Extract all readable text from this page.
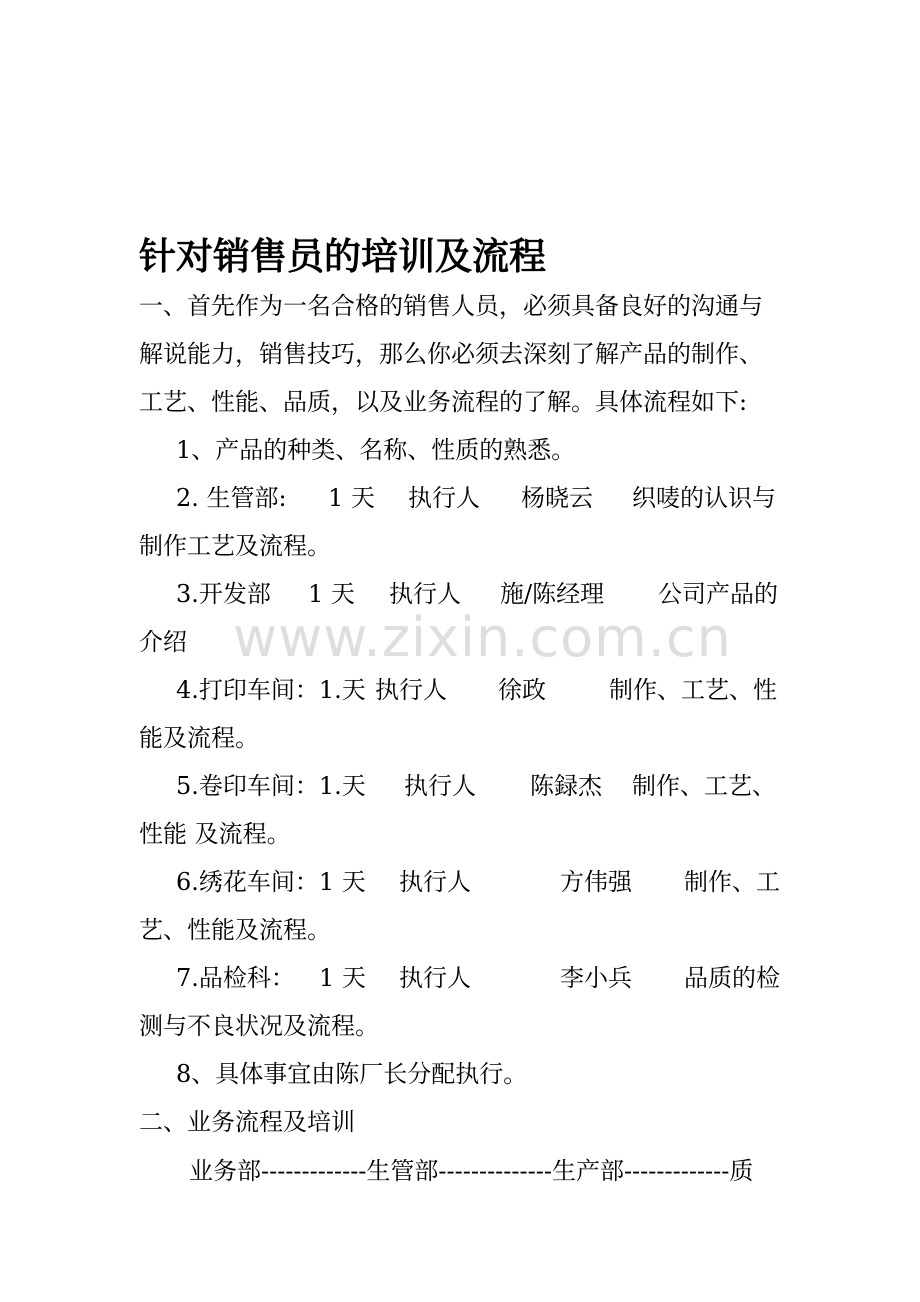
www.zixin.com.cn
针对销售员的培训及流程
一、首先作为一名合格的销售人员，必须具备良好的沟通与
解说能力，销售技巧，那么你必须去深刻了解产品的制作、
工艺、性能、品质，以及业务流程的了解。具体流程如下:
1、产品的种类、名称、性质的熟悉。
2. 生管部: 1 天 执行人 杨晓云 织唛的认识与
制作工艺及流程。
3.开发部 1 天 执行人 施/陈经理 公司产品的
介绍
4.打印车间：1.天 执行人 徐政	制作、工艺、性
能及流程。
5.卷印车间：1.天 执行人 陈録杰 制作、工艺、
性能 及流程。
6.绣花车间：1 天 执行人	方伟强 制作、工
艺、性能及流程。
7.品检科： 1 天 执行人	李小兵 品质的检
测与不良状况及流程。
8、具体事宜由陈厂长分配执行。
二、业务流程及培训
业务部-------------生管部--------------生产部-------------质
